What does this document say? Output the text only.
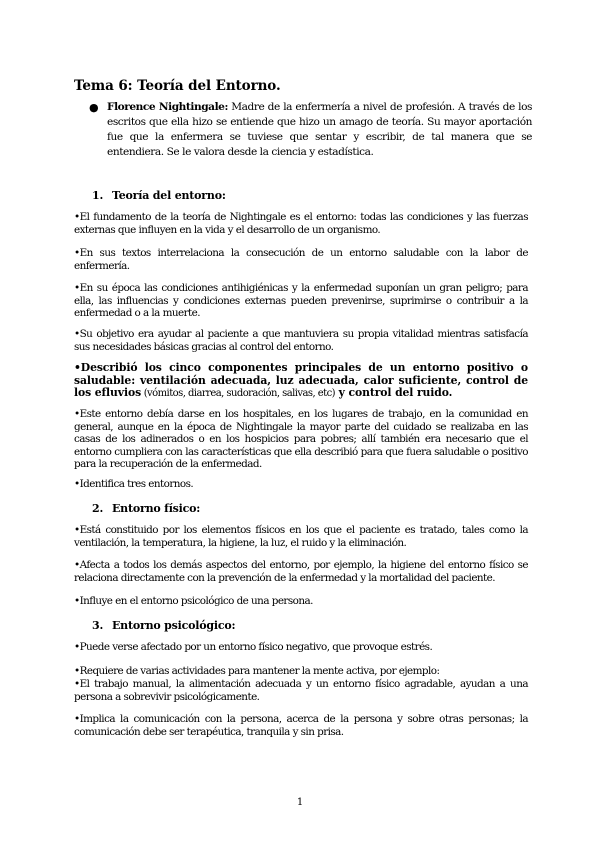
Tema 6: Teoría del Entorno.
● Florence Nightingale: Madre de la enfermería a nivel de profesión. A través de los escritos que ella hizo se entiende que hizo un amago de teoría. Su mayor aportación fue que la enfermera se tuviese que sentar y escribir, de tal manera que se entendiera. Se le valora desde la ciencia y estadística.
1. Teoría del entorno:
•El fundamento de la teoría de Nightingale es el entorno: todas las condiciones y las fuerzas externas que influyen en la vida y el desarrollo de un organismo.
•En sus textos interrelaciona la consecución de un entorno saludable con la labor de enfermería.
•En su época las condiciones antihigiénicas y la enfermedad suponían un gran peligro; para ella, las influencias y condiciones externas pueden prevenirse, suprimirse o contribuir a la enfermedad o a la muerte.
•Su objetivo era ayudar al paciente a que mantuviera su propia vitalidad mientras satisfacía sus necesidades básicas gracias al control del entorno.
•Describió los cinco componentes principales de un entorno positivo o saludable: ventilación adecuada, luz adecuada, calor suficiente, control de los efluvios (vómitos, diarrea, sudoración, salivas, etc) y control del ruido.
•Este entorno debía darse en los hospitales, en los lugares de trabajo, en la comunidad en general, aunque en la época de Nightingale la mayor parte del cuidado se realizaba en las casas de los adinerados o en los hospicios para pobres; allí también era necesario que el entorno cumpliera con las características que ella describió para que fuera saludable o positivo para la recuperación de la enfermedad.
•Identifica tres entornos.
2. Entorno físico:
•Está constituido por los elementos físicos en los que el paciente es tratado, tales como la ventilación, la temperatura, la higiene, la luz, el ruido y la eliminación.
•Afecta a todos los demás aspectos del entorno, por ejemplo, la higiene del entorno físico se relaciona directamente con la prevención de la enfermedad y la mortalidad del paciente.
•Influye en el entorno psicológico de una persona.
3. Entorno psicológico:
•Puede verse afectado por un entorno físico negativo, que provoque estrés.
•Requiere de varias actividades para mantener la mente activa, por ejemplo:
•El trabajo manual, la alimentación adecuada y un entorno físico agradable, ayudan a una persona a sobrevivir psicológicamente.
•Implica la comunicación con la persona, acerca de la persona y sobre otras personas; la comunicación debe ser terapéutica, tranquila y sin prisa.
1
